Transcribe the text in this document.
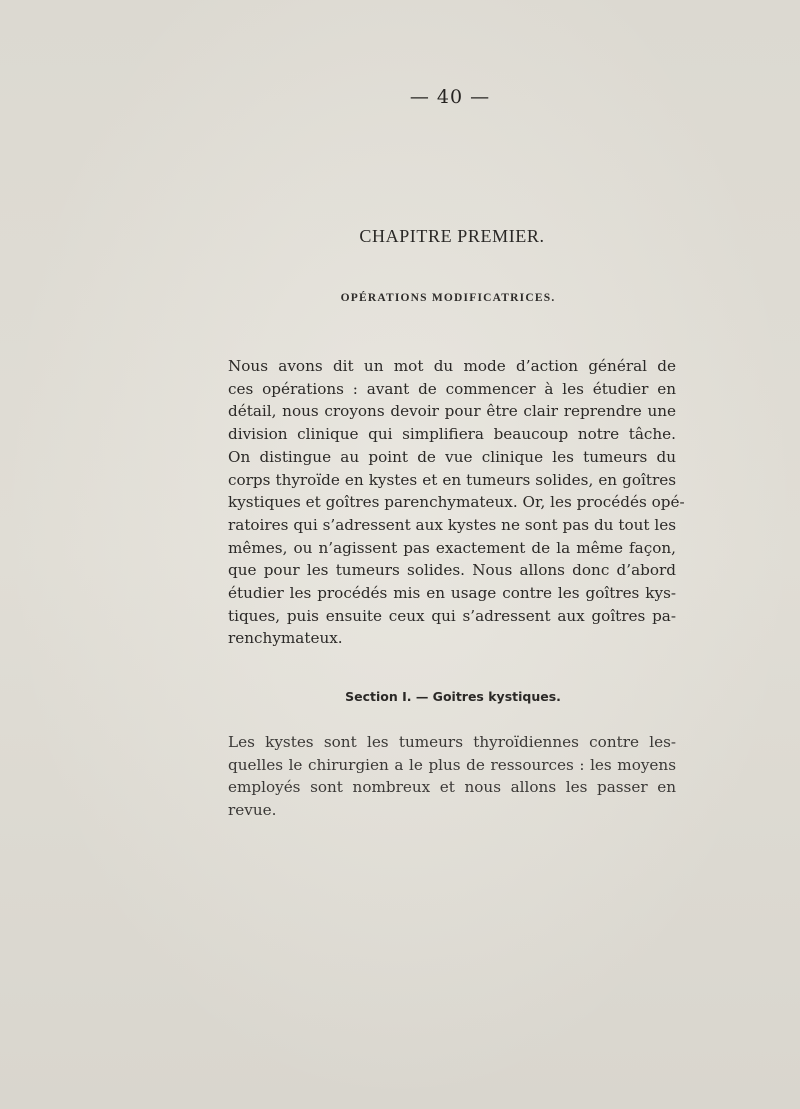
— 40 —
CHAPITRE PREMIER.
OPÉRATIONS MODIFICATRICES.
Nous avons dit un mot du mode d’action général de
ces opérations : avant de commencer à les étudier en
détail, nous croyons devoir pour être clair reprendre une
division clinique qui simplifiera beaucoup notre tâche.
On distingue au point de vue clinique les tumeurs du
corps thyroïde en kystes et en tumeurs solides, en goîtres
kystiques et goîtres parenchymateux. Or, les procédés opé-
ratoires qui s’adressent aux kystes ne sont pas du tout les
mêmes, ou n’agissent pas exactement de la même façon,
que pour les tumeurs solides. Nous allons donc d’abord
étudier les procédés mis en usage contre les goîtres kys-
tiques, puis ensuite ceux qui s’adressent aux goîtres pa-
renchymateux.
Section I. — Goitres kystiques.
Les kystes sont les tumeurs thyroïdiennes contre les-
quelles le chirurgien a le plus de ressources : les moyens
employés sont nombreux et nous allons les passer en
revue.
